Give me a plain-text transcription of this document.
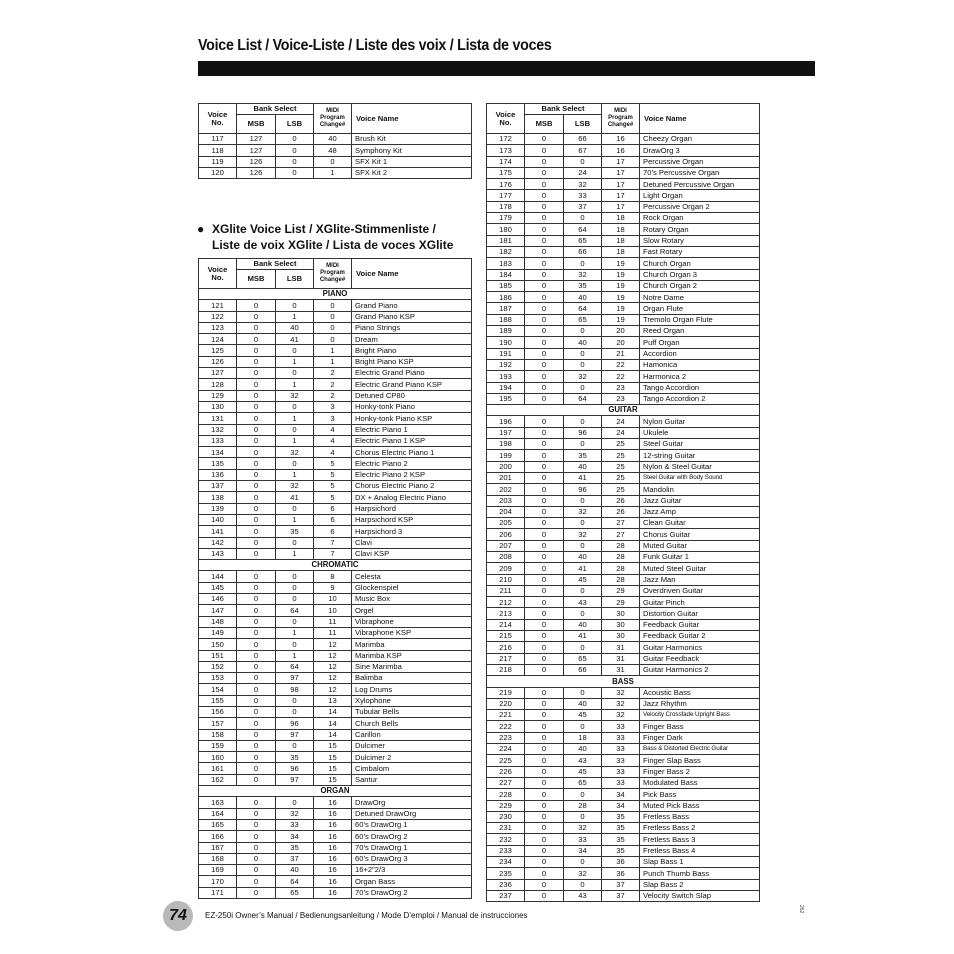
Voice List / Voice-Liste / Liste des voix / Lista de voces
Voice
No.	Bank Select		MIDI
Program
Change#	Voice Name
	MSB	LSB		
117	127	0	40	Brush Kit
118	127	0	48	Symphony Kit
119	126	0	0	SFX Kit 1
120	126	0	1	SFX Kit 2
● XGlite Voice List / XGlite-Stimmenliste /
Liste de voix XGlite / Lista de voces XGlite
Voice
No.	Bank Select		MIDI
Program
Change#	Voice Name
	MSB	LSB		
PIANO				
121	0	0	0	Grand Piano
122	0	1	0	Grand Piano KSP
123	0	40	0	Piano Strings
124	0	41	0	Dream
125	0	0	1	Bright Piano
126	0	1	1	Bright Piano KSP
127	0	0	2	Electric Grand Piano
128	0	1	2	Electric Grand Piano KSP
129	0	32	2	Detuned CP80
130	0	0	3	Honky-tonk Piano
131	0	1	3	Honky-tonk Piano KSP
132	0	0	4	Electric Piano 1
133	0	1	4	Electric Piano 1 KSP
134	0	32	4	Chorus Electric Piano 1
135	0	0	5	Electric Piano 2
136	0	1	5	Electric Piano 2 KSP
137	0	32	5	Chorus Electric Piano 2
138	0	41	5	DX + Analog Electric Piano
139	0	0	6	Harpsichord
140	0	1	6	Harpsichord KSP
141	0	35	6	Harpsichord 3
142	0	0	7	Clavi
143	0	1	7	Clavi KSP
CHROMATIC				
144	0	0	8	Celesta
145	0	0	9	Glockenspiel
146	0	0	10	Music Box
147	0	64	10	Orgel
148	0	0	11	Vibraphone
149	0	1	11	Vibraphone KSP
150	0	0	12	Marimba
151	0	1	12	Marimba KSP
152	0	64	12	Sine Marimba
153	0	97	12	Balimba
154	0	98	12	Log Drums
155	0	0	13	Xylophone
156	0	0	14	Tubular Bells
157	0	96	14	Church Bells
158	0	97	14	Carillon
159	0	0	15	Dulcimer
160	0	35	15	Dulcimer 2
161	0	96	15	Cimbalom
162	0	97	15	Santur
ORGAN				
163	0	0	16	DrawOrg
164	0	32	16	Detuned DrawOrg
165	0	33	16	60’s DrawOrg 1
166	0	34	16	60’s DrawOrg 2
167	0	35	16	70’s DrawOrg 1
168	0	37	16	60’s DrawOrg 3
169	0	40	16	16+2"2/3
170	0	64	16	Organ Bass
171	0	65	16	70’s DrawOrg 2
Voice
No.	Bank Select		MIDI
Program
Change#	Voice Name
	MSB	LSB		
172	0	66	16	Cheezy Organ
173	0	67	16	DrawOrg 3
174	0	0	17	Percussive Organ
175	0	24	17	70’s Percussive Organ
176	0	32	17	Detuned Percussive Organ
177	0	33	17	Light Organ
178	0	37	17	Percussive Organ 2
179	0	0	18	Rock Organ
180	0	64	18	Rotary Organ
181	0	65	18	Slow Rotary
182	0	66	18	Fast Rotary
183	0	0	19	Church Organ
184	0	32	19	Church Organ 3
185	0	35	19	Church Organ 2
186	0	40	19	Notre Dame
187	0	64	19	Organ Flute
188	0	65	19	Tremolo Organ Flute
189	0	0	20	Reed Organ
190	0	40	20	Puff Organ
191	0	0	21	Accordion
192	0	0	22	Hamonica
193	0	32	22	Harmonica 2
194	0	0	23	Tango Accordion
195	0	64	23	Tango Accordion 2
GUITAR				
196	0	0	24	Nylon Guitar
197	0	96	24	Ukulele
198	0	0	25	Steel Guitar
199	0	35	25	12-string Guitar
200	0	40	25	Nylon & Steel Guitar
201	0	41	25	Steel Guitar with Body Sound
202	0	96	25	Mandolin
203	0	0	26	Jazz Guitar
204	0	32	26	Jazz Amp
205	0	0	27	Clean Guitar
206	0	32	27	Chorus Guitar
207	0	0	28	Muted Guitar
208	0	40	28	Funk Guitar 1
209	0	41	28	Muted Steel Guitar
210	0	45	28	Jazz Man
211	0	0	29	Overdriven Guitar
212	0	43	29	Guitar Pinch
213	0	0	30	Distortion Guitar
214	0	40	30	Feedback Guitar
215	0	41	30	Feedback Guitar 2
216	0	0	31	Guitar Harmonics
217	0	65	31	Guitar Feedback
218	0	66	31	Guitar Harmonics 2
BASS				
219	0	0	32	Acoustic Bass
220	0	40	32	Jazz Rhythm
221	0	45	32	Velocity Crossfade Upright Bass
222	0	0	33	Finger Bass
223	0	18	33	Finger Dark
224	0	40	33	Bass & Distorted Electric Guitar
225	0	43	33	Finger Slap Bass
226	0	45	33	Finger Bass 2
227	0	65	33	Modulated Bass
228	0	0	34	Pick Bass
229	0	28	34	Muted Pick Bass
230	0	0	35	Fretless Bass
231	0	32	35	Fretless Bass 2
232	0	33	35	Fretless Bass 3
233	0	34	35	Fretless Bass 4
234	0	0	36	Slap Bass 1
235	0	32	36	Punch Thumb Bass
236	0	0	37	Slap Bass 2
237	0	43	37	Velocity Switch Slap
74	EZ-250i Owner’s Manual / Bedienungsanleitung / Mode D’emploi / Manual de instrucciones
262
